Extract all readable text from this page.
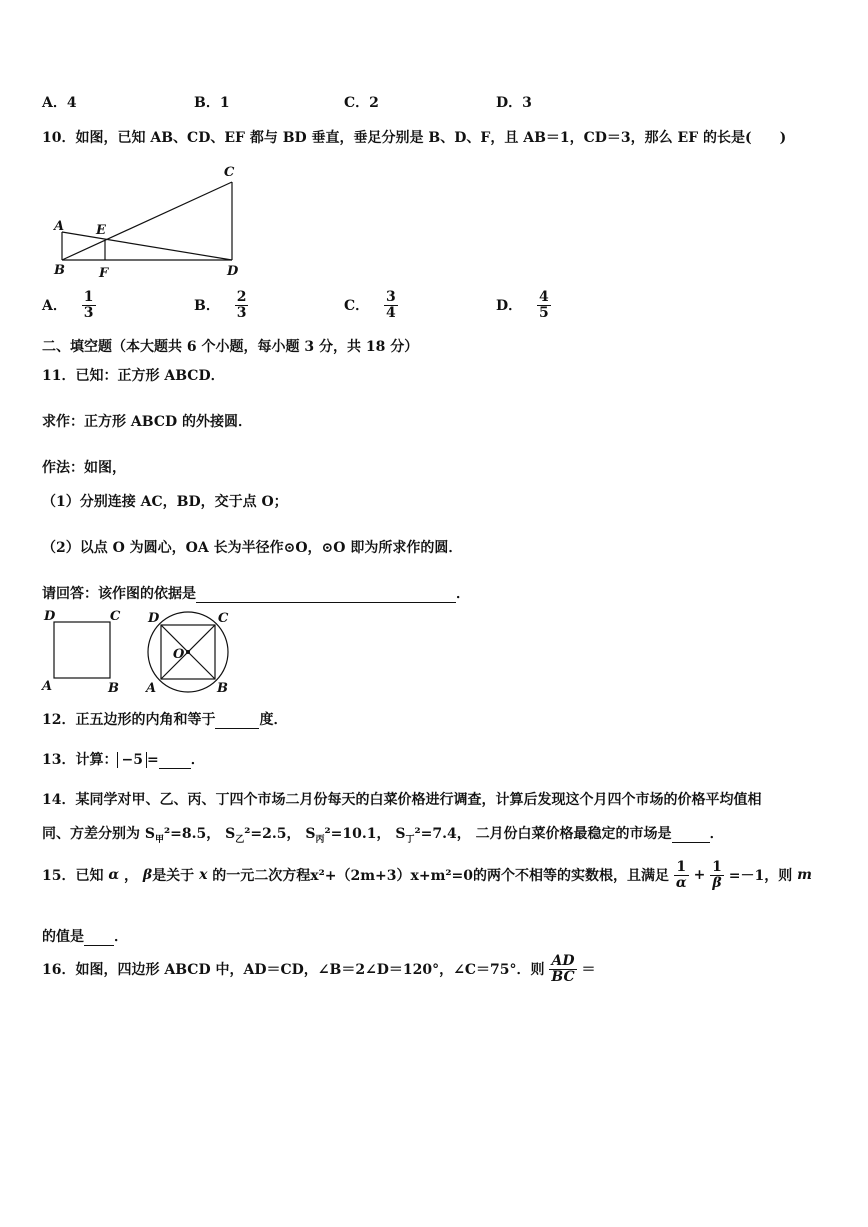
A．4	B．1	C．2	D．3
10．如图，已知 AB、CD、EF 都与 BD 垂直，垂足分别是 B、D、F，且 AB＝1，CD＝3，那么 EF 的长是(　　)
C
A E
B	F	D
A． $\frac{1}{3}$	B． $\frac{2}{3}$	C． $\frac{3}{4}$	D． $\frac{4}{5}$
二、填空题（本大题共 6 个小题，每小题 3 分，共 18 分）
11．已知：正方形 ABCD．
求作：正方形 ABCD 的外接圆．
作法：如图，
（1）分别连接 AC，BD，交于点 O；
（2）以点 O 为圆心，OA 长为半径作⊙O，⊙O 即为所求作的圆．
请回答：该作图的依据是	．
D	C
A	B
D	C
O
A	B
12．正五边形的内角和等于	度．
13．计算： −5 = ．
14．某同学对甲、乙、丙、丁四个市场二月份每天的白菜价格进行调查，计算后发现这个月四个市场的价格平均值相
同、方差分别为 $S_甲^2=8.5$， $S_乙^2=2.5$， $S_丙^2=10.1$， $S_丁^2=7.4$， 二月份白菜价格最稳定的市场是	．
15．已知 α ， β是关于 x 的一元二次方程x²+（2m+3）x+m²=0的两个不相等的实数根，且满足 $\frac{1}{\alpha} + \frac{1}{\beta} =-1$，则 m
的值是 ．
16．如图，四边形 ABCD 中，AD＝CD，∠B＝2∠D＝120°，∠C＝75°．则 $\frac{AD}{BC}$ ＝
